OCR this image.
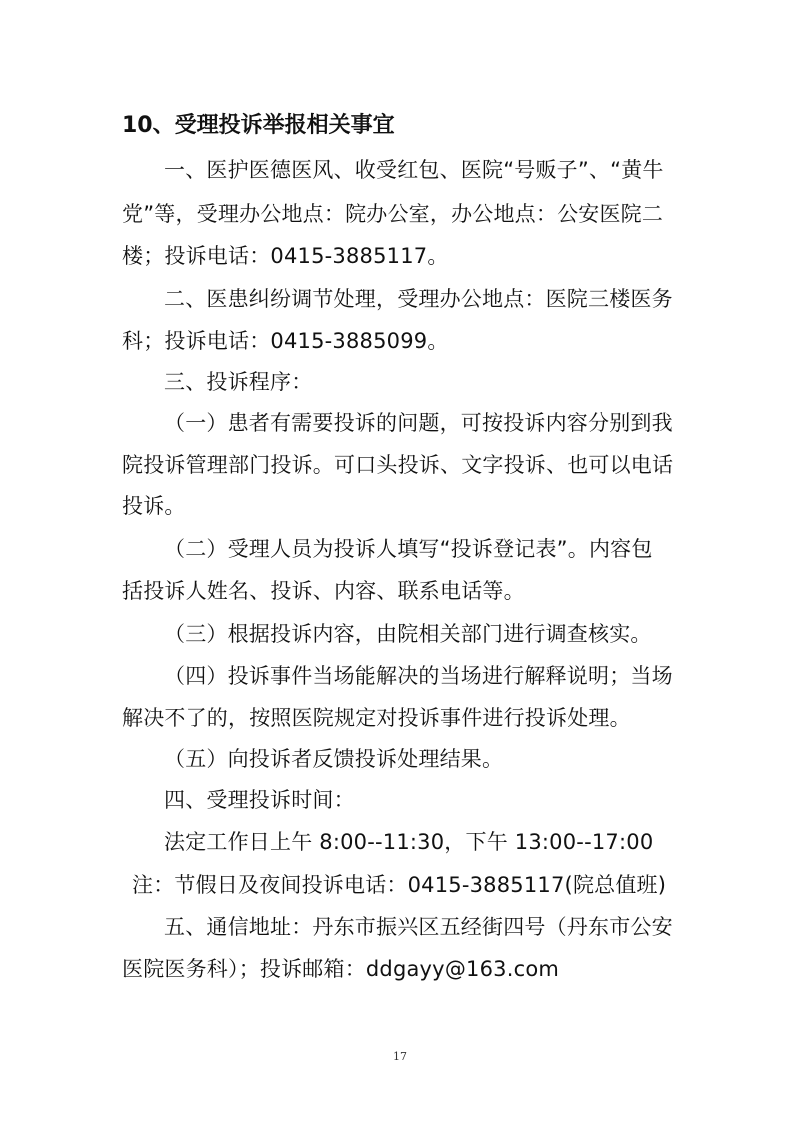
10、受理投诉举报相关事宜
一、医护医德医风、收受红包、医院“号贩子”、“黄牛
党”等，受理办公地点：院办公室，办公地点：公安医院二
楼；投诉电话：0415-3885117。
二、医患纠纷调节处理，受理办公地点：医院三楼医务
科；投诉电话：0415-3885099。
三、投诉程序：
（一）患者有需要投诉的问题，可按投诉内容分别到我
院投诉管理部门投诉。可口头投诉、文字投诉、也可以电话
投诉。
（二）受理人员为投诉人填写“投诉登记表”。内容包
括投诉人姓名、投诉、内容、联系电话等。
（三）根据投诉内容，由院相关部门进行调查核实。
（四）投诉事件当场能解决的当场进行解释说明；当场
解决不了的，按照医院规定对投诉事件进行投诉处理。
（五）向投诉者反馈投诉处理结果。
四、受理投诉时间：
法定工作日上午 8:00--11:30，下午 13:00--17:00
注：节假日及夜间投诉电话：0415-3885117(院总值班)
五、通信地址：丹东市振兴区五经街四号（丹东市公安
医院医务科）；投诉邮箱：ddgayy@163.com
17
